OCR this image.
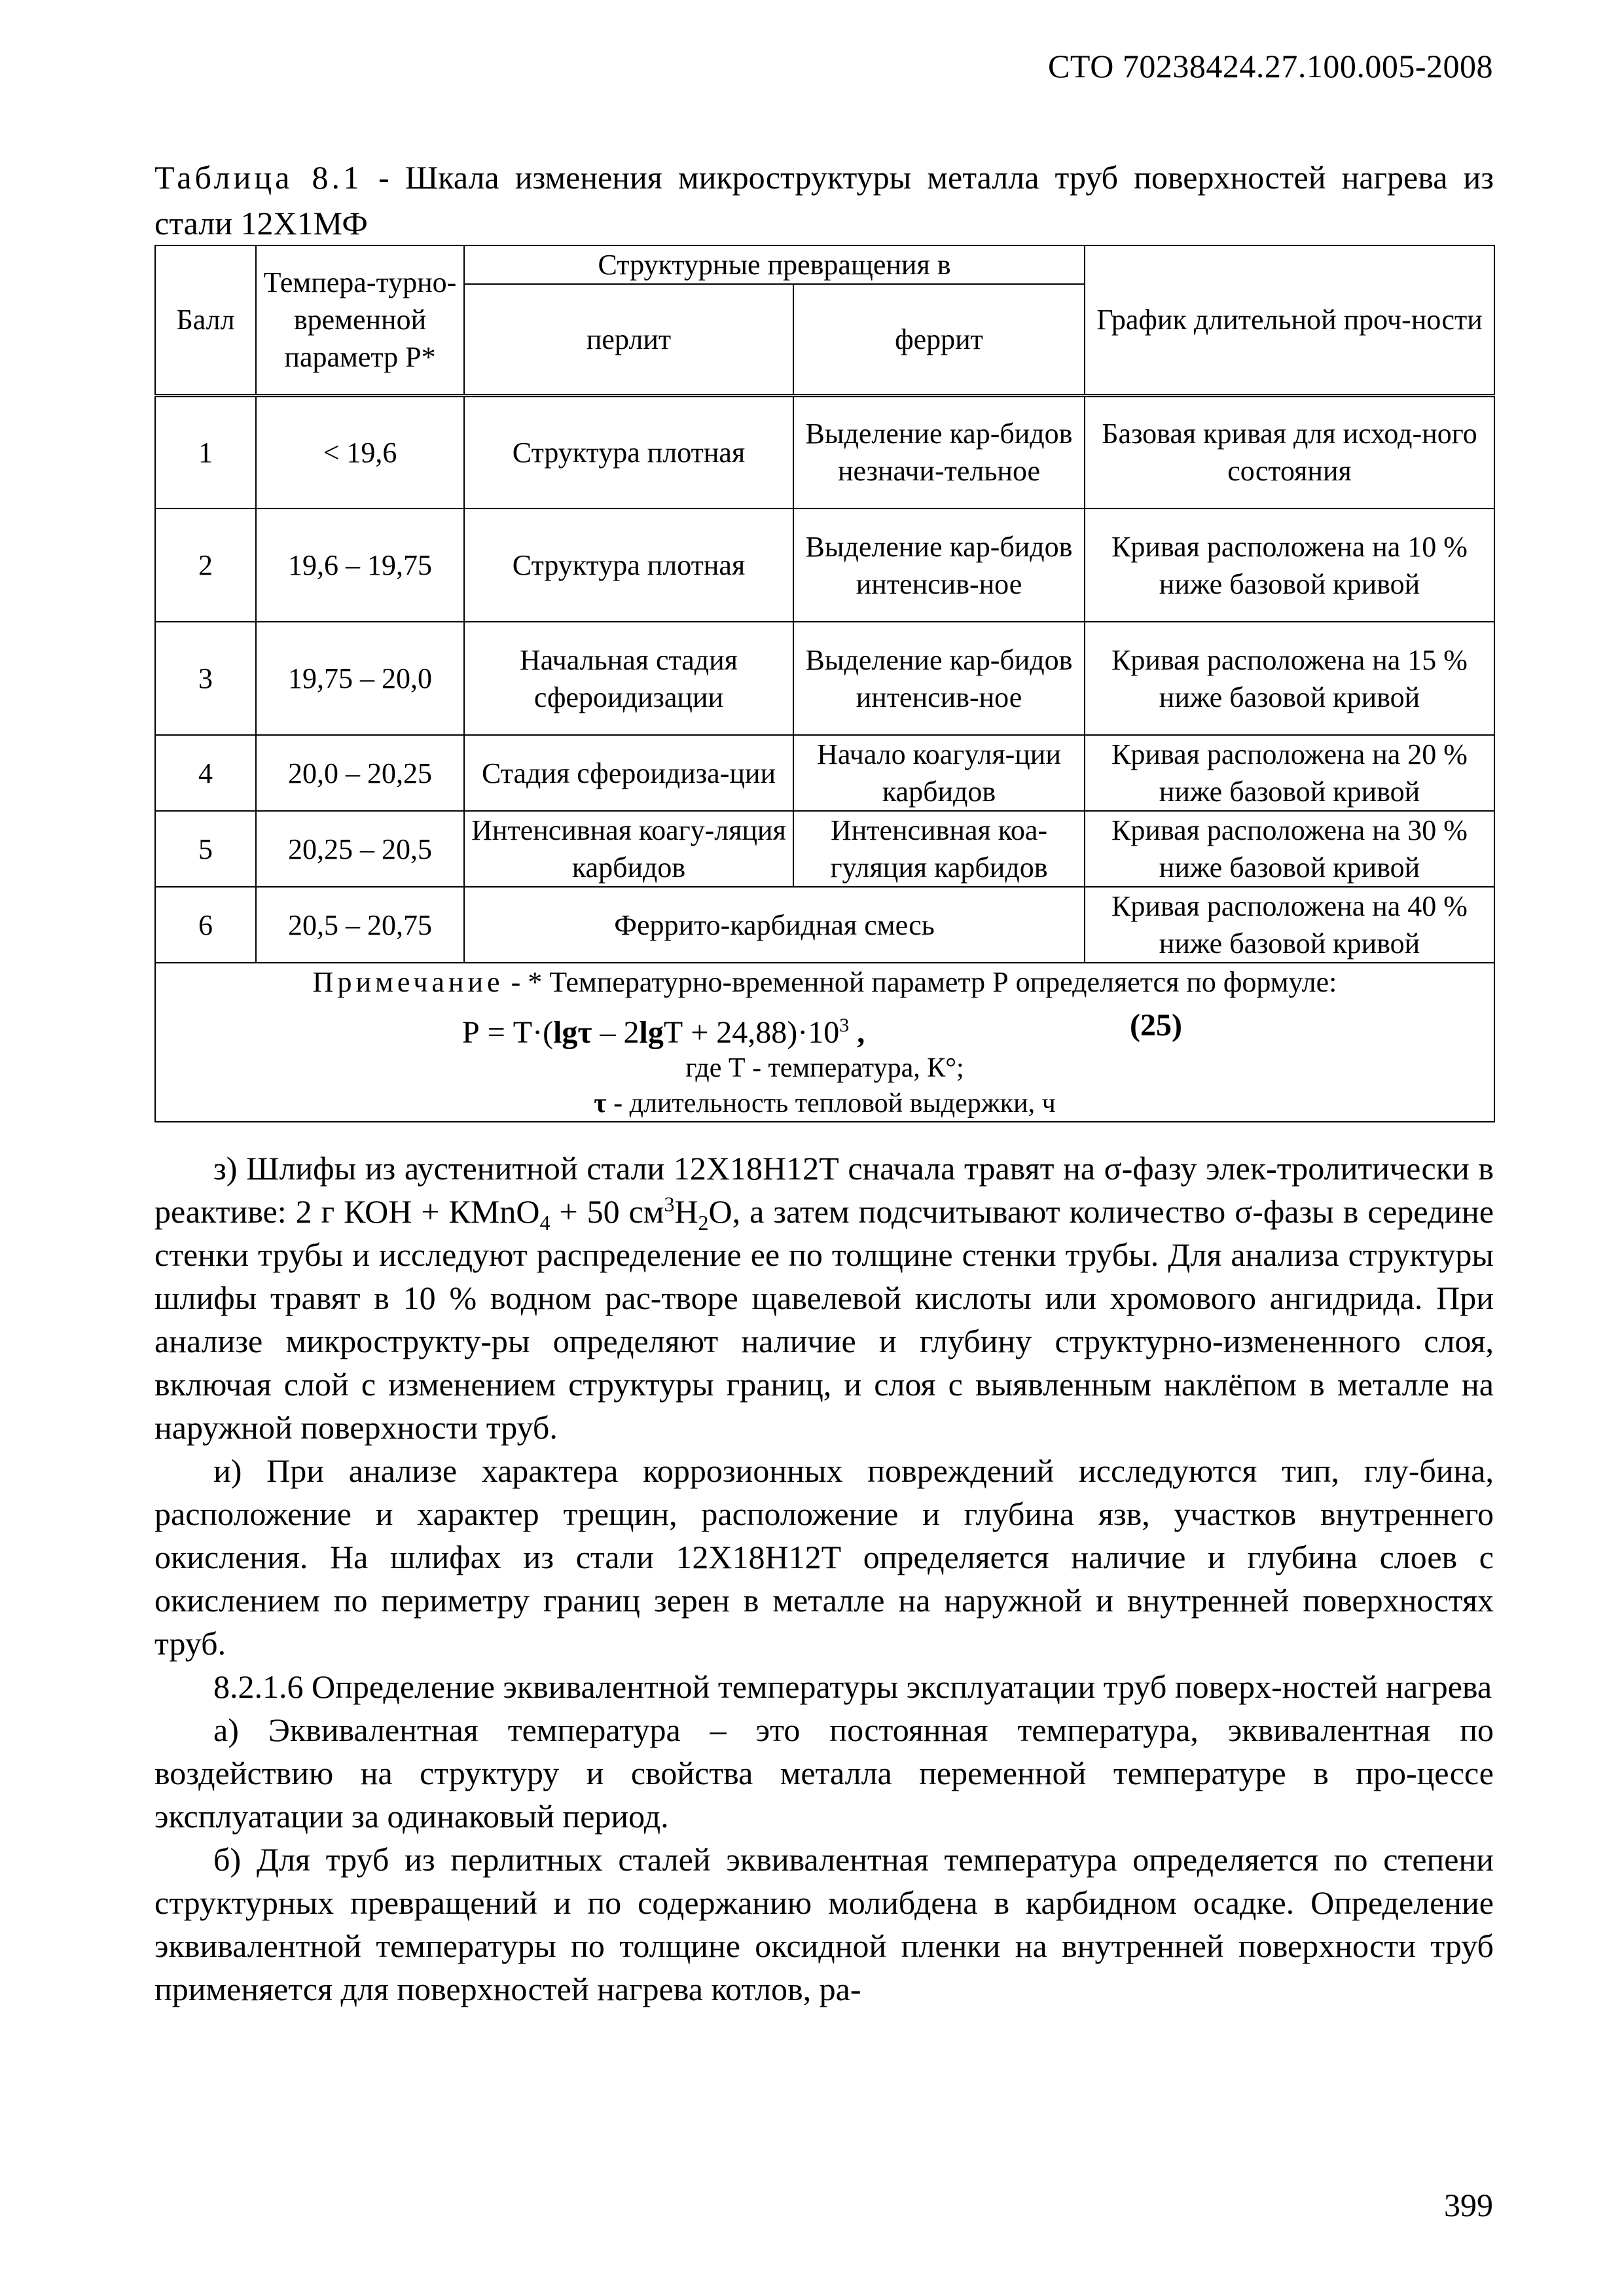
СТО 70238424.27.100.005-2008
Таблица 8.1 - Шкала изменения микроструктуры металла труб поверхностей нагрева из стали 12Х1МФ
Балл	Темпера-турно-временной параметр Р*	Структурные превращения в		График длительной проч-ности
		перлит	феррит	
1	< 19,6	Структура плотная	Выделение кар-бидов незначи-тельное	Базовая кривая для исход-ного состояния
2	19,6 – 19,75	Структура плотная	Выделение кар-бидов интенсив-ное	Кривая расположена на 10 % ниже базовой кривой
3	19,75 – 20,0	Начальная стадия сфероидизации	Выделение кар-бидов интенсив-ное	Кривая расположена на 15 % ниже базовой кривой
4	20,0 – 20,25	Стадия сфероидиза-ции	Начало коагуля-ции карбидов	Кривая расположена на 20 % ниже базовой кривой
5	20,25 – 20,5	Интенсивная коагу-ляция карбидов	Интенсивная коа-гуляция карбидов	Кривая расположена на 30 % ниже базовой кривой
6	20,5 – 20,75	Феррито-карбидная смесь		Кривая расположена на 40 % ниже базовой кривой

Примечание - * Температурно-временной параметр Р определяется по формуле:
$Р = Т\cdot(\lg\tau - 2\lg Т + 24,88)\cdot 10^3$ , (25)
где Т - температура, К°;
τ - длительность тепловой выдержки, ч				

з) Шлифы из аустенитной стали 12Х18Н12Т сначала травят на σ-фазу элек-тролитически в реактиве: 2 г КОН + КMnO$_4$ + 50 $см^3H_2O$, а затем подсчитывают количество σ-фазы в середине стенки трубы и исследуют распределение ее по толщине стенки трубы. Для анализа структуры шлифы травят в 10 % водном рас-творе щавелевой кислоты или хромового ангидрида. При анализе микрострукту-ры определяют наличие и глубину структурно-измененного слоя, включая слой с изменением структуры границ, и слоя с выявленным наклёпом в металле на наружной поверхности труб.

и) При анализе характера коррозионных повреждений исследуются тип, глу-бина, расположение и характер трещин, расположение и глубина язв, участков внутреннего окисления. На шлифах из стали 12Х18Н12Т определяется наличие и глубина слоев с окислением по периметру границ зерен в металле на наружной и внутренней поверхностях труб.

8.2.1.6 Определение эквивалентной температуры эксплуатации труб поверх-ностей нагрева

а) Эквивалентная температура – это постоянная температура, эквивалентная по воздействию на структуру и свойства металла переменной температуре в про-цессе эксплуатации за одинаковый период.

б) Для труб из перлитных сталей эквивалентная температура определяется по степени структурных превращений и по содержанию молибдена в карбидном осадке. Определение эквивалентной температуры по толщине оксидной пленки на внутренней поверхности труб применяется для поверхностей нагрева котлов, ра-

399
